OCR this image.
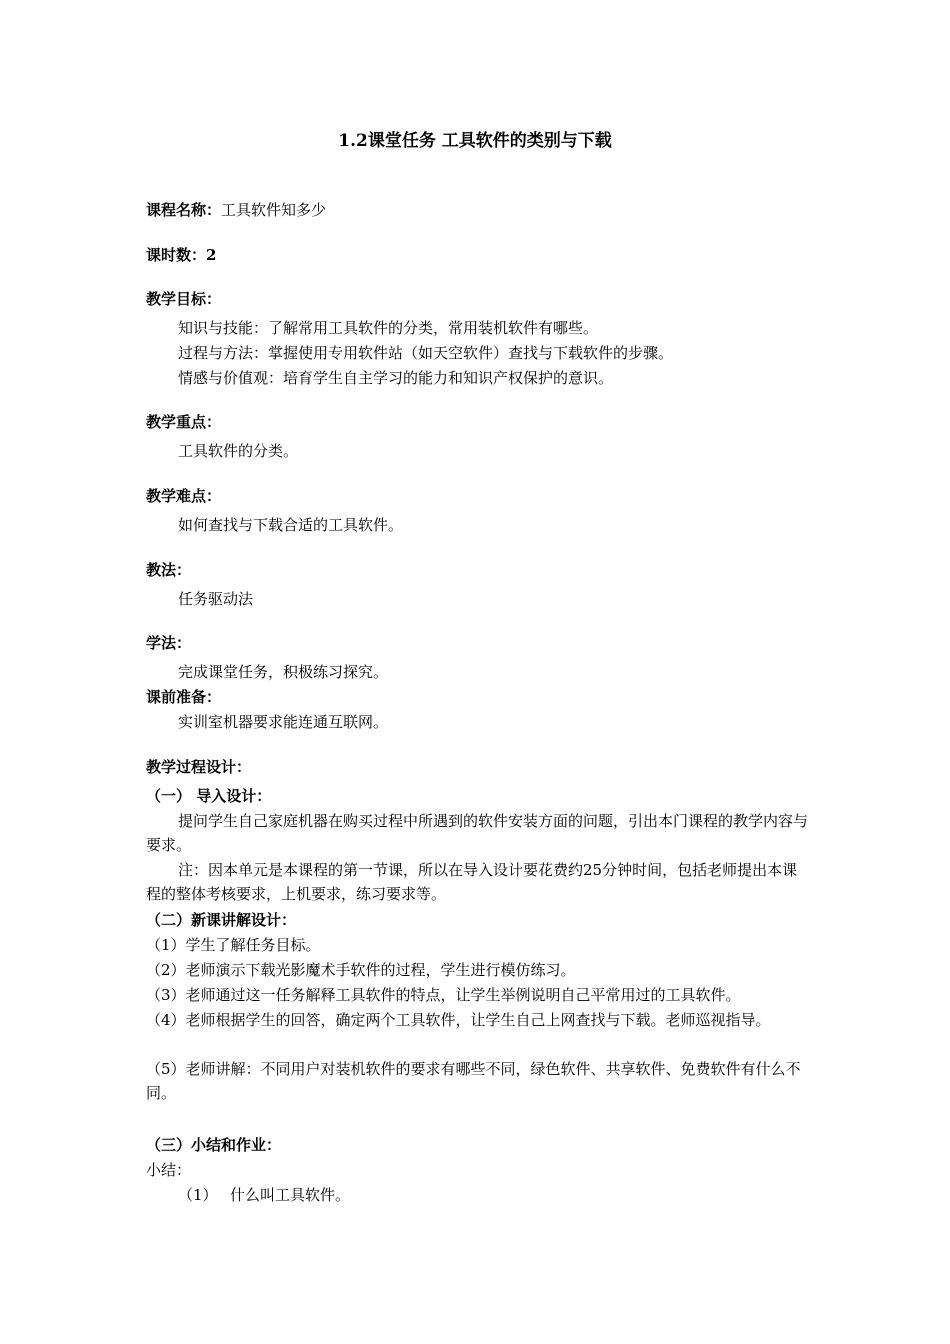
1.2课堂任务 工具软件的类别与下载

课程名称：工具软件知多少

课时数：2

教学目标：

知识与技能：了解常用工具软件的分类，常用装机软件有哪些。

过程与方法：掌握使用专用软件站（如天空软件）查找与下载软件的步骤。

情感与价值观：培育学生自主学习的能力和知识产权保护的意识。

教学重点：

工具软件的分类。

教学难点：

如何查找与下载合适的工具软件。

教法：

任务驱动法

学法：

完成课堂任务，积极练习探究。

课前准备：

实训室机器要求能连通互联网。

教学过程设计：

（一） 导入设计：

提问学生自己家庭机器在购买过程中所遇到的软件安装方面的问题，引出本门课程的教学内容与要求。

注：因本单元是本课程的第一节课，所以在导入设计要花费约25分钟时间，包括老师提出本课程的整体考核要求，上机要求，练习要求等。

（二）新课讲解设计：

（1）学生了解任务目标。

（2）老师演示下载光影魔术手软件的过程，学生进行模仿练习。

（3）老师通过这一任务解释工具软件的特点，让学生举例说明自己平常用过的工具软件。

（4）老师根据学生的回答，确定两个工具软件，让学生自己上网查找与下载。老师巡视指导。

（5）老师讲解：不同用户对装机软件的要求有哪些不同，绿色软件、共享软件、免费软件有什么不同。

（三）小结和作业：

小结：

（1） 什么叫工具软件。
